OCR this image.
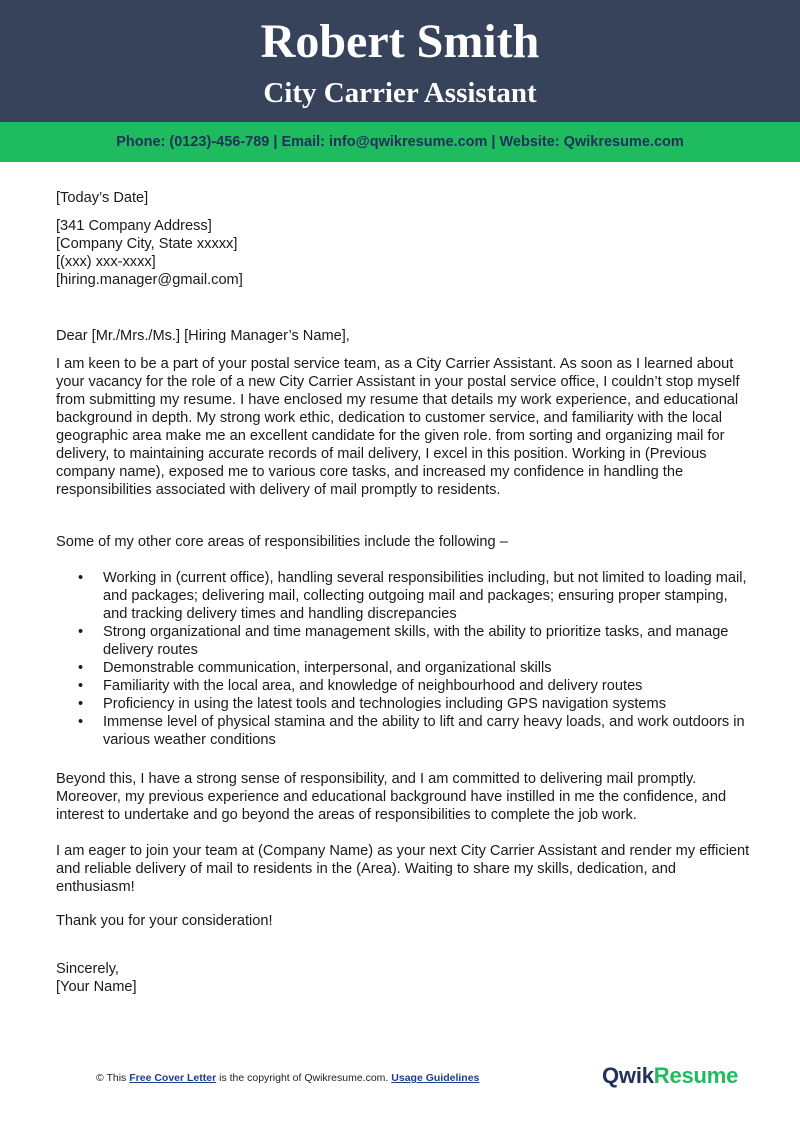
Robert Smith
City Carrier Assistant
Phone: (0123)-456-789 | Email: info@qwikresume.com | Website: Qwikresume.com
[Today’s Date]

[341 Company Address]

[Company City, State xxxxx]

[(xxx) xxx-xxxx]

[hiring.manager@gmail.com]

Dear [Mr./Mrs./Ms.] [Hiring Manager’s Name],
I am keen to be a part of your postal service team, as a City Carrier Assistant. As soon as I learned about your vacancy for the role of a new City Carrier Assistant in your postal service office, I couldn’t stop myself from submitting my resume. I have enclosed my resume that details my work experience, and educational background in depth. My strong work ethic, dedication to customer service, and familiarity with the local geographic area make me an excellent candidate for the given role. from sorting and organizing mail for delivery, to maintaining accurate records of mail delivery, I excel in this position. Working in (Previous company name), exposed me to various core tasks, and increased my confidence in handling the responsibilities associated with delivery of mail promptly to residents.
Some of my other core areas of responsibilities include the following –
• Working in (current office), handling several responsibilities including, but not limited to loading mail, and packages; delivering mail, collecting outgoing mail and packages; ensuring proper stamping, and tracking delivery times and handling discrepancies
• Strong organizational and time management skills, with the ability to prioritize tasks, and manage delivery routes
• Demonstrable communication, interpersonal, and organizational skills
• Familiarity with the local area, and knowledge of neighbourhood and delivery routes
• Proficiency in using the latest tools and technologies including GPS navigation systems
• Immense level of physical stamina and the ability to lift and carry heavy loads, and work outdoors in various weather conditions
Beyond this, I have a strong sense of responsibility, and I am committed to delivering mail promptly. Moreover, my previous experience and educational background have instilled in me the confidence, and interest to undertake and go beyond the areas of responsibilities to complete the job work.
I am eager to join your team at (Company Name) as your next City Carrier Assistant and render my efficient and reliable delivery of mail to residents in the (Area). Waiting to share my skills, dedication, and enthusiasm!
Thank you for your consideration!

Sincerely,

[Your Name]

© This Free Cover Letter is the copyright of Qwikresume.com. Usage Guidelines	QwikResume
